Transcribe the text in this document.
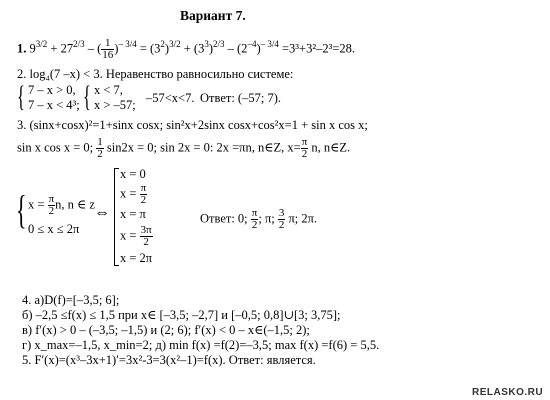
Вариант 7.
1. $9^{3/2} + 27^{2/3}$ – ( $\frac{1}{16} )^{- 3/4} = (3^2)^{3/2} + (3^3)^{2/3} - (2^{-4})^{- 3/4} =3^3+3^2-2^3=28$.
2. log₄(7 –x) < 3. Неравенство равносильно системе:
{ 7 – x > 0,
7 – x < 4³; { x < 7,
x > –57; –57<x<7. Ответ: (–57; 7).
3. (sinx+cosx)²=1+sinx cosx; sin²x+2sinx cosx+cos²x=1 + sin x cos x;
sin x cos x = 0; $\frac{1}{2} \sin 2x = 0$; sin 2x = 0: 2x =πn, n∈Z, $x= \frac{\pi}{2} n$, n∈Z.
{ $x = \frac{\pi}{2} n$, n ∈ z
0 ≤ x ≤ 2π
⇔
x = 0
$x = \frac{\pi}{2}$
x = π
$x = \frac{3\pi}{2}$
x = 2π
Ответ: 0; $\frac{\pi}{2}$ ; π; $\frac{3}{2} \pi$; 2π.
4. а)D(f)=[–3,5; 6];
б) –2,5 ≤f(x) ≤ 1,5 при x∈ [–3,5; –2,7] и [–0,5; 0,8]∪[3; 3,75];
в) f′(x) > 0 – (–3,5; –1,5) и (2; 6); f′(x) < 0 – x∈(–1,5; 2);
г) x_max=–1,5, x_min=2; д) min f(x) =f(2)=–3,5; max f(x) =f(6) = 5,5.
5. F′(x)=(x³–3x+1)′=3x²-3=3(x²–1)=f(x). Ответ: является.
RELASKO.RU
